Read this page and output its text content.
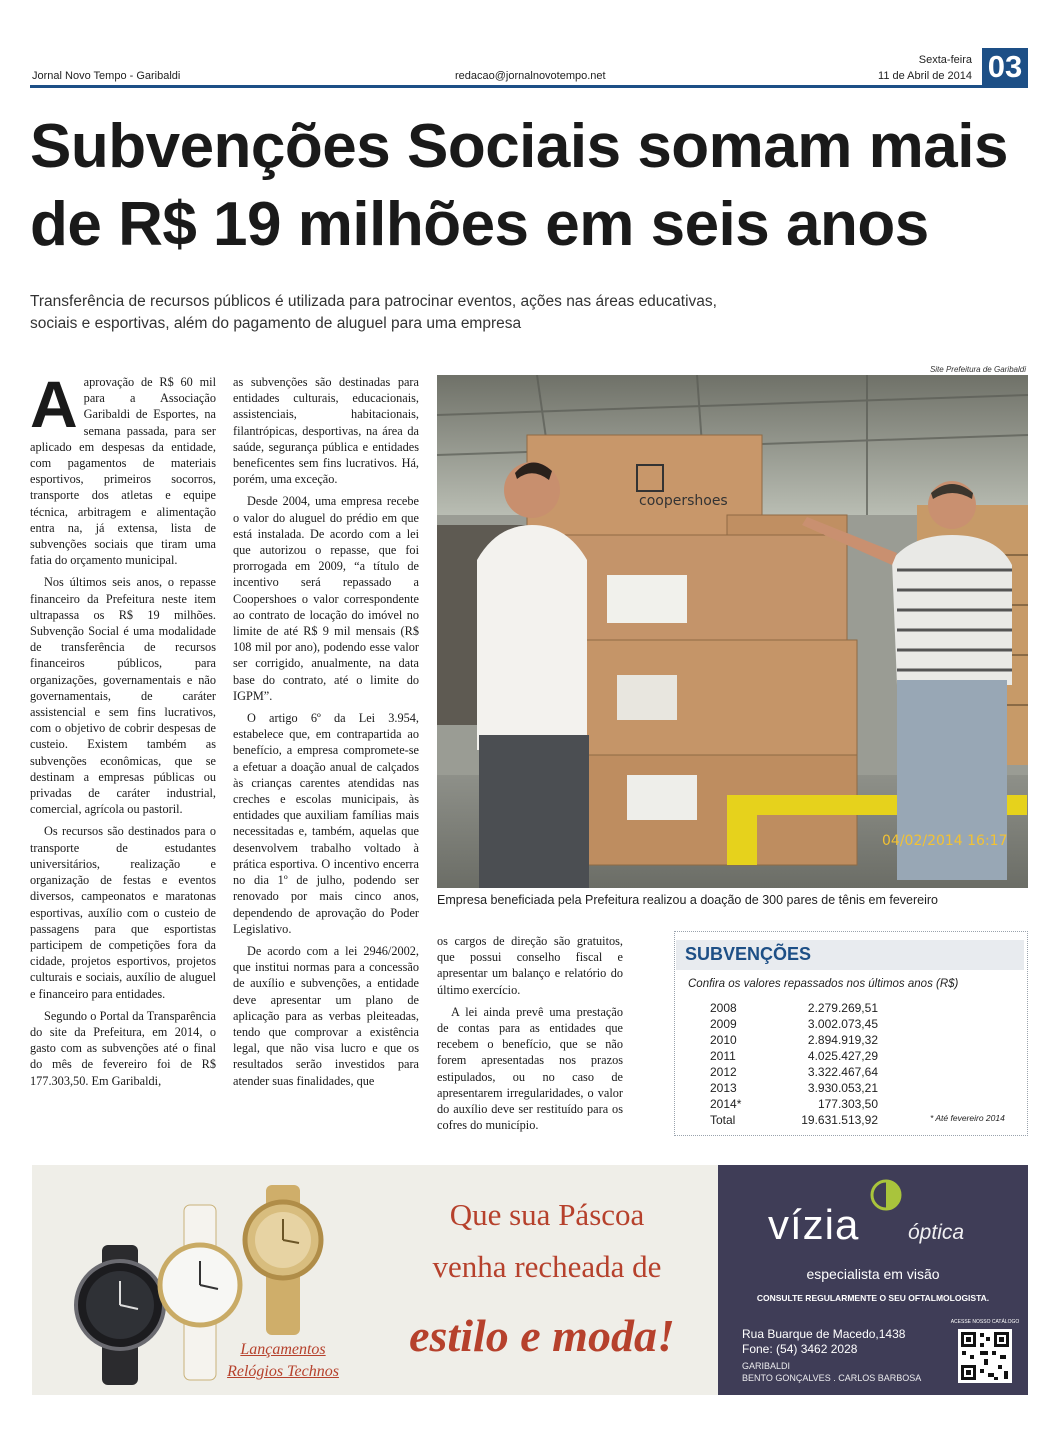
Jornal Novo Tempo - Garibaldi	redacao@jornalnovotempo.net
Sexta-feira
11 de Abril de 2014 03
Subvenções Sociais somam mais de R$ 19 milhões em seis anos
Transferência de recursos públicos é utilizada para patrocinar eventos, ações nas áreas educativas, sociais e esportivas, além do pagamento de aluguel para uma empresa
A aprovação de R$ 60 mil para a Associação Garibaldi de Esportes, na semana passada, para ser aplicado em despesas da entidade, com pagamentos de materiais esportivos, primeiros socorros, transporte dos atletas e equipe técnica, arbitragem e alimentação entra na, já extensa, lista de subvenções sociais que tiram uma fatia do orçamento municipal.

Nos últimos seis anos, o repasse financeiro da Prefeitura neste item ultrapassa os R$ 19 milhões. Subvenção Social é uma modalidade de transferência de recursos financeiros públicos, para organizações, governamentais e não governamentais, de caráter assistencial e sem fins lucrativos, com o objetivo de cobrir despesas de custeio. Existem também as subvenções econômicas, que se destinam a empresas públicas ou privadas de caráter industrial, comercial, agrícola ou pastoril.

Os recursos são destinados para o transporte de estudantes universitários, realização e organização de festas e eventos diversos, campeonatos e maratonas esportivas, auxílio com o custeio de passagens para que esportistas participem de competições fora da cidade, projetos esportivos, projetos culturais e sociais, auxílio de aluguel e financeiro para entidades.

Segundo o Portal da Transparência do site da Prefeitura, em 2014, o gasto com as subvenções até o final do mês de fevereiro foi de R$ 177.303,50. Em Garibaldi,

as subvenções são destinadas para entidades culturais, educacionais, assistenciais, habitacionais, filantrópicas, desportivas, na área da saúde, segurança pública e entidades beneficentes sem fins lucrativos. Há, porém, uma exceção.

Desde 2004, uma empresa recebe o valor do aluguel do prédio em que está instalada. De acordo com a lei que autorizou o repasse, que foi prorrogada em 2009, “a título de incentivo será repassado a Coopershoes o valor correspondente ao contrato de locação do imóvel no limite de até R$ 9 mil mensais (R$ 108 mil por ano), podendo esse valor ser corrigido, anualmente, na data base do contrato, até o limite do IGPM”.

O artigo 6º da Lei 3.954, estabelece que, em contrapartida ao benefício, a empresa compromete-se a efetuar a doação anual de calçados às crianças carentes atendidas nas creches e escolas municipais, às entidades que auxiliam famílias mais necessitadas e, também, aquelas que desenvolvem trabalho voltado à prática esportiva. O incentivo encerra no dia 1º de julho, podendo ser renovado por mais cinco anos, dependendo de aprovação do Poder Legislativo.

De acordo com a lei 2946/2002, que institui normas para a concessão de auxílio e subvenções, a entidade deve apresentar um plano de aplicação para as verbas pleiteadas, tendo que comprovar a existência legal, que não visa lucro e que os resultados serão investidos para atender suas finalidades, que

os cargos de direção são gratuitos, que possui conselho fiscal e apresentar um balanço e relatório do último exercício.

A lei ainda prevê uma prestação de contas para as entidades que recebem o benefício, que se não forem apresentadas nos prazos estipulados, ou no caso de apresentarem irregularidades, o valor do auxílio deve ser restituído para os cofres do município.

Site Prefeitura de Garibaldi
coopershoes
04/02/2014 16:17
Empresa beneficiada pela Prefeitura realizou a doação de 300 pares de tênis em fevereiro
SUBVENÇÕES
Confira os valores repassados nos últimos anos (R$)
2008	2.279.269,51
2009	3.002.073,45
2010	2.894.919,32
2011	4.025.427,29
2012	3.322.467,64
2013	3.930.053,21
2014*	177.303,50
Total	19.631.513,92	* Até fevereiro 2014
Que sua Páscoa
venha recheada de
estilo e moda!
Lançamentos
Relógios Technos
vízia óptica
especialista em visão
CONSULTE REGULARMENTE O SEU OFTALMOLOGISTA.
Rua Buarque de Macedo,1438
Fone: (54) 3462 2028
GARIBALDI
BENTO GONÇALVES . CARLOS BARBOSA
ACESSE NOSSO CATÁLOGO
